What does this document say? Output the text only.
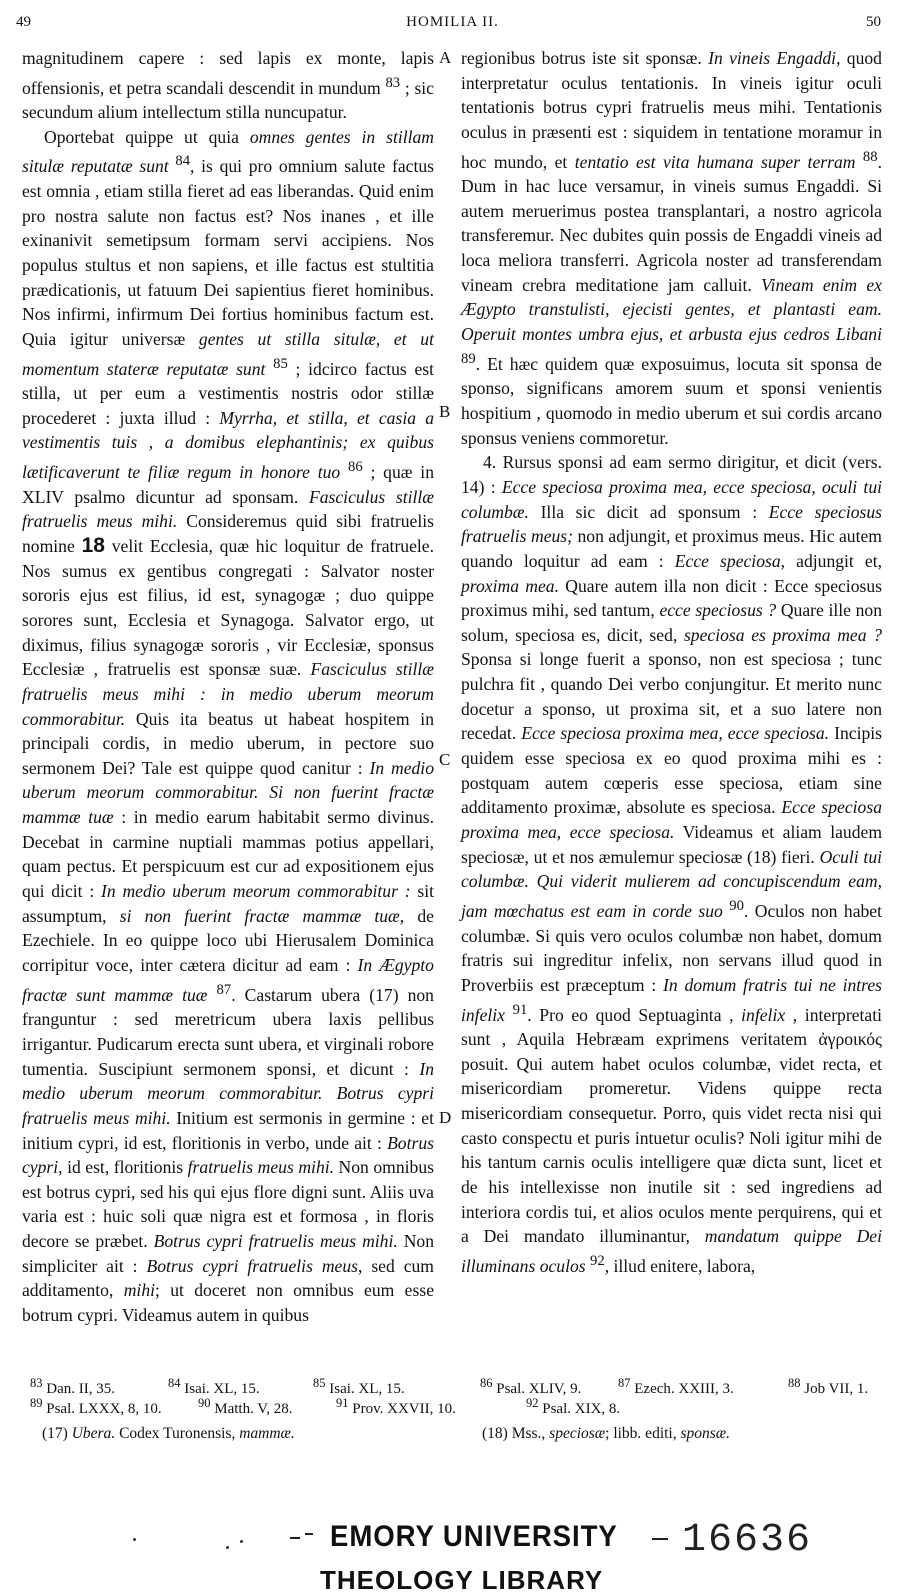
49	HOMILIA II.	50

magnitudinem capere : sed lapis ex monte, lapis offensionis, et petra scandali descendit in mundum $^{83}$ ; sic secundum alium intellectum stilla nuncupatur.

Oportebat quippe ut quia omnes gentes in stillam situlæ reputatæ sunt $^{84}$, is qui pro omnium salute factus est omnia , etiam stilla fieret ad eas liberandas. Quid enim pro nostra salute non factus est? Nos inanes , et ille exinanivit semetipsum formam servi accipiens. Nos populus stultus et non sapiens, et ille factus est stultitia prædicationis, ut fatuum Dei sapientius fieret hominibus. Nos infirmi, infirmum Dei fortius hominibus factum est. Quia igitur universæ gentes ut stilla situlæ, et ut momentum stateræ reputatæ sunt $^{85}$ ; idcirco factus est stilla, ut per eum a vestimentis nostris odor stillæ procederet : juxta illud : Myrrha, et stilla, et casia a vestimentis tuis , a domibus elephantinis; ex quibus lætificaverunt te filiæ regum in honore tuo $^{86}$ ; quæ in XLIV psalmo dicuntur ad sponsam. Fasciculus stillæ fratruelis meus mihi. Consideremus quid sibi fratruelis nomine 18 velit Ecclesia, quæ hic loquitur de fratruele. Nos sumus ex gentibus congregati : Salvator noster sororis ejus est filius, id est, synagogæ ; duo quippe sorores sunt, Ecclesia et Synagoga. Salvator ergo, ut diximus, filius synagogæ sororis , vir Ecclesiæ, sponsus Ecclesiæ , fratruelis est sponsæ suæ. Fasciculus stillæ fratruelis meus mihi : in medio uberum meorum commorabitur. Quis ita beatus ut habeat hospitem in principali cordis, in medio uberum, in pectore suo sermonem Dei? Tale est quippe quod canitur : In medio uberum meorum commorabitur. Si non fuerint fractæ mammæ tuæ : in medio earum habitabit sermo divinus. Decebat in carmine nuptiali mammas potius appellari, quam pectus. Et perspicuum est cur ad expositionem ejus qui dicit : In medio uberum meorum commorabitur : sit assumptum, si non fuerint fractæ mammæ tuæ, de Ezechiele. In eo quippe loco ubi Hierusalem Dominica corripitur voce, inter cætera dicitur ad eam : In Ægypto fractæ sunt mammæ tuæ $^{87}$. Castarum ubera (17) non franguntur : sed meretricum ubera laxis pellibus irrigantur. Pudicarum erecta sunt ubera, et virginali robore tumentia. Suscipiunt sermonem sponsi, et dicunt : In medio uberum meorum commorabitur. Botrus cypri fratruelis meus mihi. Initium est sermonis in germine : et initium cypri, id est, floritionis in verbo, unde ait : Botrus cypri, id est, floritionis fratruelis meus mihi. Non omnibus est botrus cypri, sed his qui ejus flore digni sunt. Aliis uva varia est : huic soli quæ nigra est et formosa , in floris decore se præbet. Botrus cypri fratruelis meus mihi. Non simpliciter ait : Botrus cypri fratruelis meus, sed cum additamento, mihi; ut doceret non omnibus eum esse botrum cypri. Videamus autem in quibus

A
B
C
D

regionibus botrus iste sit sponsæ. In vineis Engaddi, quod interpretatur oculus tentationis. In vineis igitur oculi tentationis botrus cypri fratruelis meus mihi. Tentationis oculus in præsenti est : siquidem in tentatione moramur in hoc mundo, et tentatio est vita humana super terram $^{88}$. Dum in hac luce versamur, in vineis sumus Engaddi. Si autem meruerimus postea transplantari, a nostro agricola transferemur. Nec dubites quin possis de Engaddi vineis ad loca meliora transferri. Agricola noster ad transferendam vineam crebra meditatione jam calluit. Vineam enim ex Ægypto transtulisti, ejecisti gentes, et plantasti eam. Operuit montes umbra ejus, et arbusta ejus cedros Libani $^{89}$. Et hæc quidem quæ exposuimus, locuta sit sponsa de sponso, significans amorem suum et sponsi venientis hospitium , quomodo in medio uberum et sui cordis arcano sponsus veniens commoretur.

4. Rursus sponsi ad eam sermo dirigitur, et dicit (vers. 14) : Ecce speciosa proxima mea, ecce speciosa, oculi tui columbæ. Illa sic dicit ad sponsum : Ecce speciosus fratruelis meus; non adjungit, et proximus meus. Hic autem quando loquitur ad eam : Ecce speciosa, adjungit et, proxima mea. Quare autem illa non dicit : Ecce speciosus proximus mihi, sed tantum, ecce speciosus ? Quare ille non solum, speciosa es, dicit, sed, speciosa es proxima mea ? Sponsa si longe fuerit a sponso, non est speciosa ; tunc pulchra fit , quando Dei verbo conjungitur. Et merito nunc docetur a sponso, ut proxima sit, et a suo latere non recedat. Ecce speciosa proxima mea, ecce speciosa. Incipis quidem esse speciosa ex eo quod proxima mihi es : postquam autem cœperis esse speciosa, etiam sine additamento proximæ, absolute es speciosa. Ecce speciosa proxima mea, ecce speciosa. Videamus et aliam laudem speciosæ, ut et nos æmulemur speciosæ (18) fieri. Oculi tui columbæ. Qui viderit mulierem ad concupiscendum eam, jam mœchatus est eam in corde suo $^{90}$. Oculos non habet columbæ. Si quis vero oculos columbæ non habet, domum fratris sui ingreditur infelix, non servans illud quod in Proverbiis est præceptum : In domum fratris tui ne intres infelix $^{91}$. Pro eo quod Septuaginta , infelix , interpretati sunt , Aquila Hebræam exprimens veritatem ἀγροικός posuit. Qui autem habet oculos columbæ, videt recta, et misericordiam promeretur. Videns quippe recta misericordiam consequetur. Porro, quis videt recta nisi qui casto conspectu et puris intuetur oculis? Noli igitur mihi de his tantum carnis oculis intelligere quæ dicta sunt, licet et de his intellexisse non inutile sit : sed ingrediens ad interiora cordis tui, et alios oculos mente perquirens, qui et a Dei mandato illuminantur, mandatum quippe Dei illuminans oculos $^{92}$, illud enitere, labora,

$^{83}$ Dan. II, 35.	$^{84}$ Isai. XL, 15.	$^{85}$ Isai. XL, 15.	$^{86}$ Psal. XLIV, 9.	$^{87}$ Ezech. XXIII, 3.	$^{88}$ Job VII, 1.
$^{89}$ Psal. LXXX, 8, 10.	$^{90}$ Matth. V, 28.	$^{91}$ Prov. XXVII, 10.	$^{92}$ Psal. XIX, 8.
(17) Ubera. Codex Turonensis, mammæ.	(18) Mss., speciosæ; libb. editi, sponsæ.
EMORY UNIVERSITY
THEOLOGY LIBRARY
16636
